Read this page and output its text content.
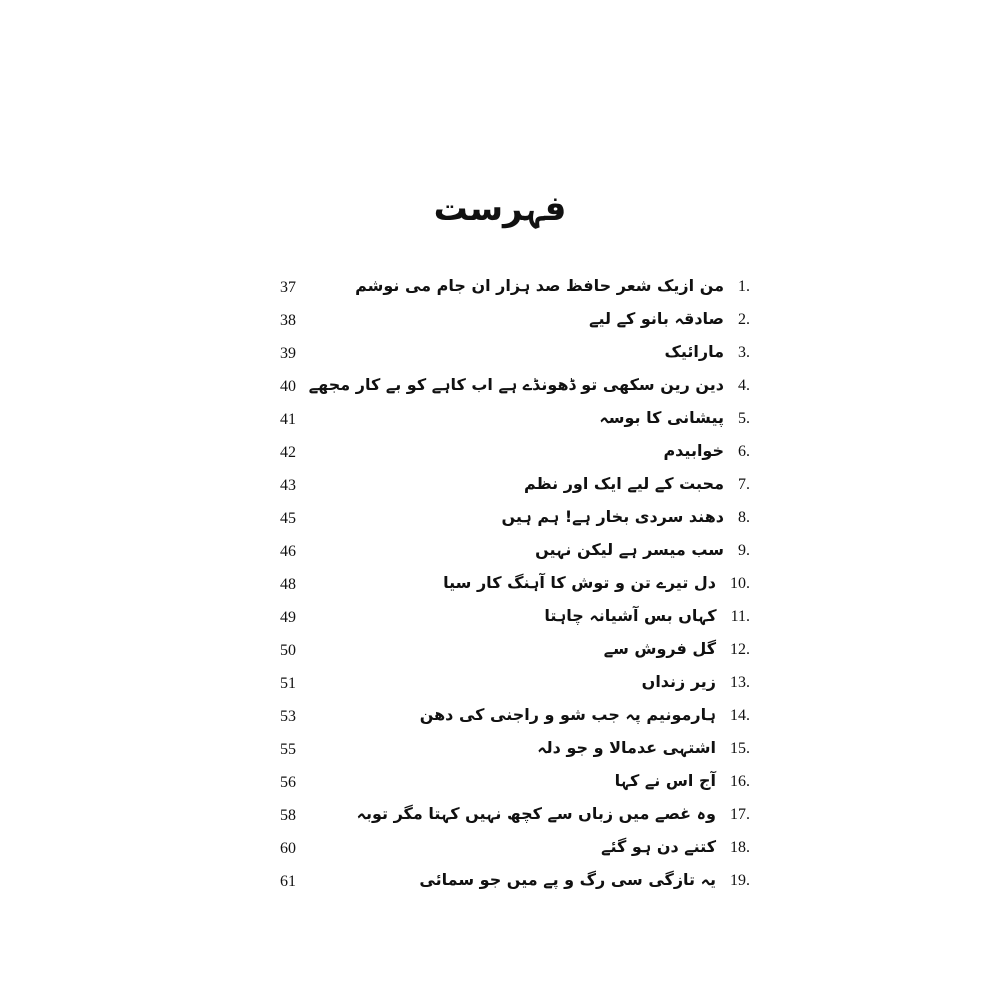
فہرست
37	1.من ازیک شعر حافظ صد ہزار ان جام می نوشم
38	2.صادقہ بانو کے لیے
39	3.مارائیک
40	4.دین رین سکھی تو ڈھونڈے ہے اب کاہے کو بے کار مجھے
41	5.پیشانی کا بوسہ
42	6.خوابیدم
43	7.محبت کے لیے ایک اور نظم
45	8.دھند سردی بخار ہے! ہم ہیں
46	9.سب میسر ہے لیکن نہیں
48	10.دل تیرے تن و توش کا آہنگ کار سیا
49	11.کہاں بس آشیانہ چاہتا
50	12.گل فروش سے
51	13.زیر زنداں
53	14.ہارمونیم پہ جب شو و راجنی کی دھن
55	15.اشتہی عدمالا و جو دلہ
56	16.آج اس نے کہا
58	17.وہ غصے میں زباں سے کچھ نہیں کہتا مگر توبہ
60	18.کتنے دن ہو گئے
61	19.یہ تازگی سی رگ و پے میں جو سمائی
